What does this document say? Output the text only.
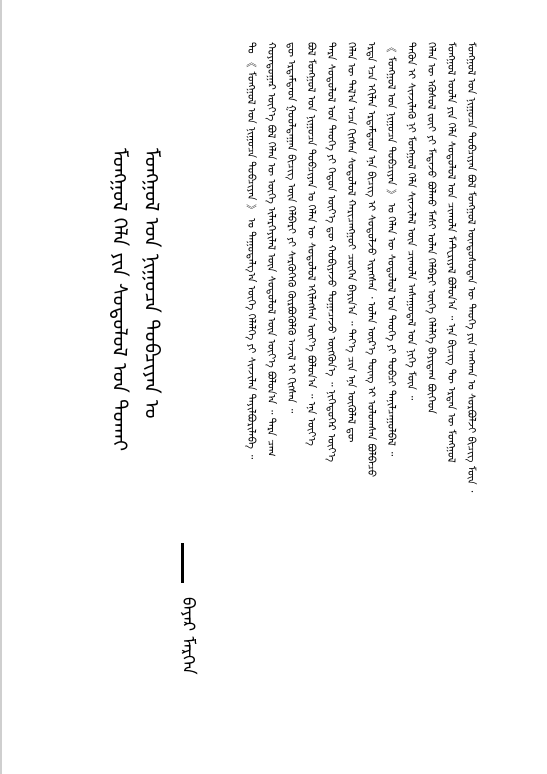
ᠮᠣᠩᠭᠣᠯ ᠤᠨ ᠨᠢᠭᠤᠴᠠ ᠲᠣᠪᠴᠢᠶᠠᠨ ᠤ
ᠮᠣᠩᠭᠣᠯ ᠬᠡᠯᠡ ᠶᠢᠨ ᠰᠤᠳᠤᠯᠤᠯ ᠤᠨ ᠲᠤᠬᠠᠢ
ᠪᠠᠶᠠᠷ ᠮᠡᠷᠭᠡᠨ
ᠮᠣᠩᠭᠣᠯ ᠤᠨ ᠨᠢᠭᠤᠴᠠ ᠲᠣᠪᠴᠢᠶᠠᠨ ᠪᠣᠯ ᠮᠣᠩᠭᠣᠯ ᠦᠨᠳᠦᠰᠦᠲᠡᠨ ᠦ ᠲᠡᠦᠬᠡ ᠶᠢᠨ ᠠᠩᠬᠠᠨ ᠤ ᠰᠤᠷᠪᠤᠯᠵᠢ ᠪᠢᠴᠢᠭ ᠮᠥᠨ ᠂
ᠮᠣᠩᠭᠣᠯ ᠤᠤᠯᠠ ᠶᠢᠨ ᠬᠡᠯᠡ ᠰᠤᠳᠤᠯᠤᠯ ᠤᠨ ᠴᠢᠬᠤᠯᠠ ᠮᠠᠲᠧᠷᠢᠶᠠᠯ ᠪᠣᠯᠤᠨ᠎ᠠ ᠃ ᠡᠨᠡ ᠪᠢᠴᠢᠭ ᠲᠦ ᠡᠷᠲᠡᠨ ᠦ ᠮᠣᠩᠭᠣᠯ
ᠬᠡᠯᠡᠨ ᠦ ᠡᠭᠦᠰᠦᠯ ᠵᠦᠢ ᠶᠢ ᠮᠡᠳᠡᠵᠦ ᠪᠣᠯᠬᠤ ᠮᠠᠰᠢ ᠣᠯᠠᠨ ᠬᠡᠯᠪᠡᠷᠢ ᠦᠭᠡ ᠬᠡᠯᠡᠯᠭᠡ ᠪᠠᠶᠢᠳᠠᠭ ᠪᠥᠭᠡᠳ
ᠲᠡᠭᠦᠨ ᠢ ᠰᠢᠨᠵᠢᠯᠡᠬᠦ ᠨᠢ ᠮᠣᠩᠭᠣᠯ ᠬᠡᠯᠡ ᠰᠢᠨᠵᠢᠯᠡᠯ ᠦᠨ ᠴᠢᠬᠤᠯᠠ ᠠᠰᠠᠭᠤᠳᠠᠯ ᠤᠨ ᠨᠢᠭᠡ ᠮᠥᠨ ᠃
《 ᠮᠣᠩᠭᠣᠯ ᠤᠨ ᠨᠢᠭᠤᠴᠠ ᠲᠣᠪᠴᠢᠶᠠᠨ 》 ᠤ ᠬᠡᠯᠡᠨ ᠦ ᠰᠤᠳᠤᠯᠤᠯ ᠤᠨ ᠲᠡᠦᠬᠡ ᠶᠢ ᠲᠣᠪᠴᠢ ᠲᠠᠨᠢᠯᠴᠠᠭᠤᠯᠪᠠᠯ ᠃
ᠡᠷᠲᠡ ᠡᠴᠡ ᠡᠬᠢᠯᠡᠨ ᠡᠷᠳᠡᠮᠲᠡᠳ ᠡᠨᠡ ᠪᠢᠴᠢᠭ ᠢ ᠰᠤᠳᠤᠯᠵᠤ ᠢᠷᠡᠭᠰᠡᠨ ᠂ ᠣᠯᠠᠨ ᠦᠷ᠎ᠡ ᠳᠦᠩ ᠢ ᠣᠯᠤᠭᠰᠠᠨ ᠪᠣᠯᠪᠠᠴᠤ
ᠬᠡᠯᠡᠨ ᠦ ᠲᠠᠯ᠎ᠠ ᠠᠴᠠ ᠬᠢᠭᠰᠡᠨ ᠰᠤᠳᠤᠯᠤᠯ ᠬᠠᠷᠢᠴᠠᠩᠭᠤᠢ ᠴᠥᠭᠡᠨ ᠪᠠᠶᠢᠨ᠎ᠠ ᠃ ᠲᠡᠶ᠎ᠡ ᠴᠢᠨ ᠡᠨᠡ ᠥᠭᠦᠯᠡᠯ ᠳᠦ
ᠲᠡᠷᠡ ᠰᠤᠳᠤᠯᠤᠯ ᠤᠨ ᠲᠡᠦᠬᠡ ᠶᠢ ᠬᠡᠳᠦᠨ ᠦᠶ᠎ᠡ ᠳᠦ ᠬᠤᠪᠢᠶᠠᠵᠤ ᠲᠣᠭᠠᠴᠠᠵᠤ ᠥᠭᠭᠦᠨ᠎ᠡ ᠃ ᠨᠢᠭᠡᠳᠦᠭᠡᠷ ᠦᠶ᠎ᠡ
ᠪᠣᠯ ᠮᠣᠩᠭᠣᠯ ᠤᠨ ᠨᠢᠭᠤᠴᠠ ᠲᠣᠪᠴᠢᠶᠠᠨ ᠤ ᠬᠡᠯᠡᠨ ᠦ ᠰᠤᠳᠤᠯᠤᠯ ᠡᠬᠢᠯᠡᠭᠰᠡᠨ ᠦᠶ᠎ᠡ ᠪᠣᠯᠤᠨ᠎ᠠ ᠃ ᠡᠨᠡ ᠦᠶ᠎ᠡ
ᠳᠦ ᠡᠷᠳᠡᠮᠲᠡᠳ ᠭᠣᠣᠯᠳᠠᠭᠠᠨ ᠪᠢᠴᠢᠭ ᠦᠨ ᠬᠡᠯᠪᠡᠷᠢ ᠶᠢ ᠰᠡᠷᠭᠦᠭᠡᠬᠦ ᠬᠥᠷᠪᠦᠭᠦᠯᠬᠦ ᠠᠵᠢᠯ ᠢ ᠬᠢᠭᠰᠡᠨ ᠃
ᠬᠣᠶᠠᠳᠤᠭᠠᠷ ᠦᠶ᠎ᠡ ᠪᠣᠯ ᠬᠡᠯᠡᠨ ᠦ ᠦᠭᠡ ᠢᠯᠡᠷᠬᠡᠶᠢᠯᠡᠯ ᠦᠨ ᠰᠤᠳᠤᠯᠤᠯ ᠦᠨ ᠦᠶ᠎ᠡ ᠪᠣᠯᠤᠨ᠎ᠠ ᠃ ᠲᠡᠷᠡ ᠴᠠᠭ
ᠲᠤ 《 ᠮᠣᠩᠭᠣᠯ ᠤᠨ ᠨᠢᠭᠤᠴᠠ ᠲᠣᠪᠴᠢᠶᠠᠨ 》 ᠤ ᠳᠠᠭᠤᠳᠠᠯᠭ᠎ᠠ ᠦᠭᠡ ᠬᠡᠯᠡᠯᠭᠡ ᠶᠢ ᠰᠢᠨᠵᠢᠯᠡᠨ ᠲᠠᠶᠢᠯᠪᠤᠷᠢᠯᠠᠪᠠ ᠃
